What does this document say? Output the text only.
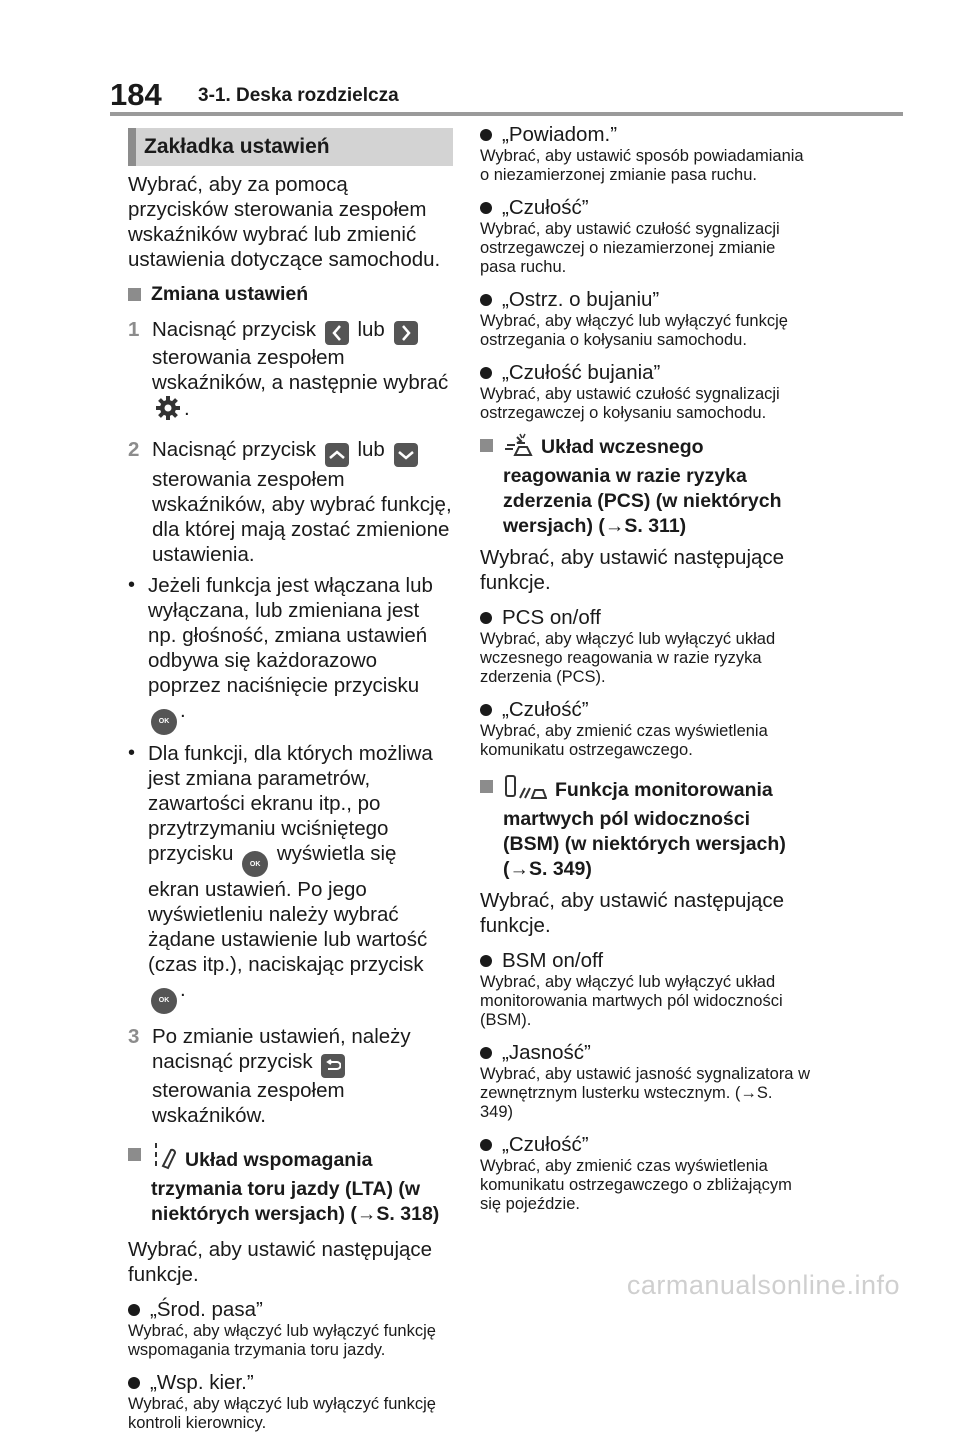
184 3-1. Deska rozdzielcza
Zakładka ustawień
Wybrać, aby za pomocą przycisków sterowania zespołem wskaźników wybrać lub zmienić ustawienia dotyczące samochodu.
Zmiana ustawień
1 Nacisnąć przycisk lub
sterowania zespołem wskaźników, a następnie wybrać .
2 Nacisnąć przycisk lub
sterowania zespołem wskaźników, aby wybrać funkcję, dla której mają zostać zmienione ustawienia.
• Jeżeli funkcja jest włączana lub wyłączana, lub zmieniana jest np. głośność, zmiana ustawień odbywa się każdorazowo poprzez naciśnięcie przycisku OK .
• Dla funkcji, dla których możliwa jest zmiana parametrów, zawartości ekranu itp., po przytrzymaniu wciśniętego przycisku OK wyświetla się ekran ustawień. Po jego wyświetleniu należy wybrać żądane ustawienie lub wartość (czas itp.), naciskając przycisk OK .
3 Po zmianie ustawień, należy nacisnąć przycisk
sterowania zespołem wskaźników.
Układ wspomagania trzymania toru jazdy (LTA) (w niektórych wersjach) (→S. 318)
Wybrać, aby ustawić następujące funkcje.
„Środ. pasa”
Wybrać, aby włączyć lub wyłączyć funkcję wspomagania trzymania toru jazdy.
„Wsp. kier.”
Wybrać, aby włączyć lub wyłączyć funkcję kontroli kierownicy.
„Powiadom.”
Wybrać, aby ustawić sposób powiadamiania o niezamierzonej zmianie pasa ruchu.
„Czułość”
Wybrać, aby ustawić czułość sygnalizacji ostrzegawczej o niezamierzonej zmianie pasa ruchu.
„Ostrz. o bujaniu”
Wybrać, aby włączyć lub wyłączyć funkcję ostrzegania o kołysaniu samochodu.
„Czułość bujania”
Wybrać, aby ustawić czułość sygnalizacji ostrzegawczej o kołysaniu samochodu.
Układ wczesnego reagowania w razie ryzyka zderzenia (PCS) (w niektórych wersjach) (→S. 311)
Wybrać, aby ustawić następujące funkcje.
PCS on/off
Wybrać, aby włączyć lub wyłączyć układ wczesnego reagowania w razie ryzyka zderzenia (PCS).
„Czułość”
Wybrać, aby zmienić czas wyświetlenia komunikatu ostrzegawczego.
Funkcja monitorowania martwych pól widoczności (BSM) (w niektórych wersjach) (→S. 349)
Wybrać, aby ustawić następujące funkcje.
BSM on/off
Wybrać, aby włączyć lub wyłączyć układ monitorowania martwych pól widoczności (BSM).
„Jasność”
Wybrać, aby ustawić jasność sygnalizatora w zewnętrznym lusterku wstecznym. (→S. 349)
„Czułość”
Wybrać, aby zmienić czas wyświetlenia komunikatu ostrzegawczego o zbliżającym się pojeździe.
carmanualsonline.info
